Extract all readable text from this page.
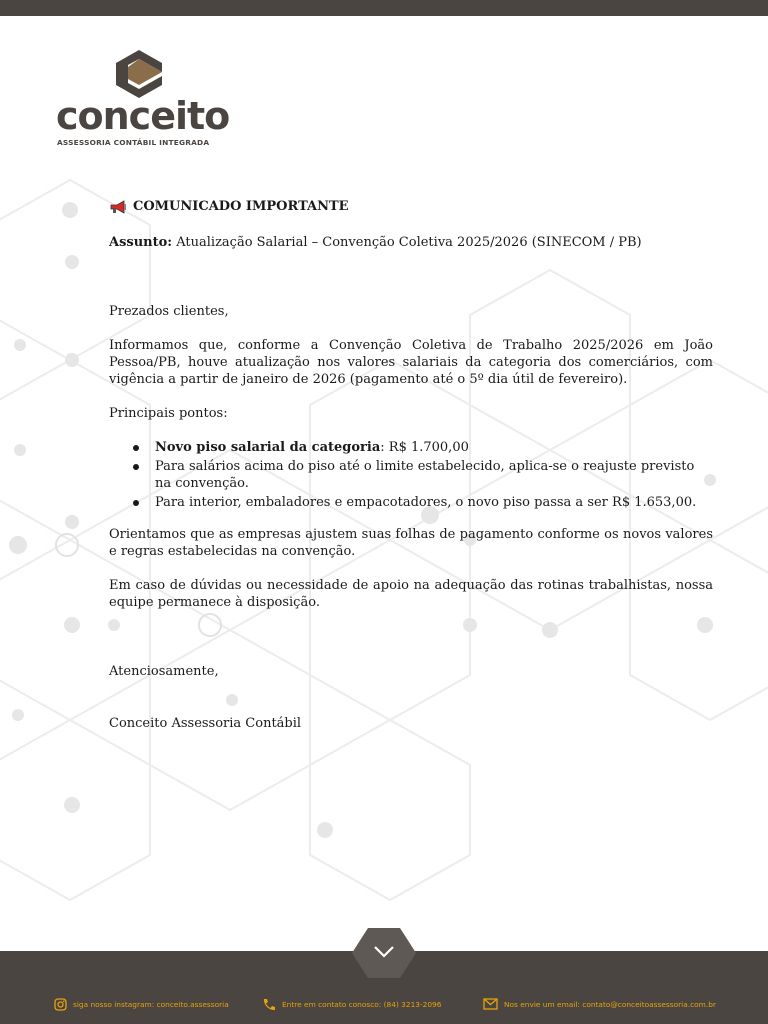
conceito
ASSESSORIA CONTÁBIL INTEGRADA
COMUNICADO IMPORTANTE
Assunto: Atualização Salarial – Convenção Coletiva 2025/2026 (SINECOM / PB)
Prezados clientes,
Informamos que, conforme a Convenção Coletiva de Trabalho 2025/2026 em João Pessoa/PB, houve atualização nos valores salariais da categoria dos comerciários, com vigência a partir de janeiro de 2026 (pagamento até o 5º dia útil de fevereiro).
Principais pontos:
Novo piso salarial da categoria: R$ 1.700,00
Para salários acima do piso até o limite estabelecido, aplica-se o reajuste previsto na convenção.
Para interior, embaladores e empacotadores, o novo piso passa a ser R$ 1.653,00.
Orientamos que as empresas ajustem suas folhas de pagamento conforme os novos valores e regras estabelecidas na convenção.
Em caso de dúvidas ou necessidade de apoio na adequação das rotinas trabalhistas, nossa equipe permanece à disposição.
Atenciosamente,
Conceito Assessoria Contábil
siga nosso instagram: conceito.assessoria	Entre em contato conosco: (84) 3213-2096	Nos envie um email: contato@conceitoassessoria.com.br
